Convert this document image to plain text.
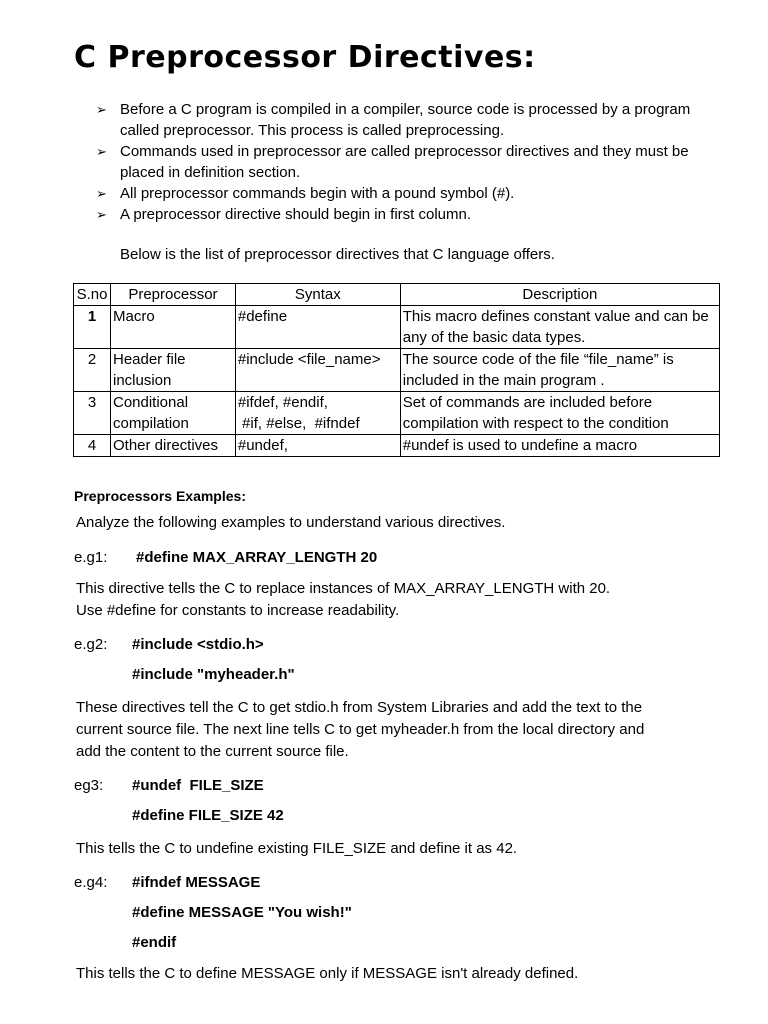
C Preprocessor Directives:
➢ Before a C program is compiled in a compiler, source code is processed by a program called preprocessor. This process is called preprocessing.
➢ Commands used in preprocessor are called preprocessor directives and they must be placed in definition section.
➢ All preprocessor commands begin with a pound symbol (#).
➢ A preprocessor directive should begin in first column.

Below is the list of preprocessor directives that C language offers.

S.no	Preprocessor	Syntax	Description
1	Macro	#define	This macro defines constant value and can be any of the basic data types.
2	Header file inclusion	#include <file_name>	The source code of the file “file_name” is included in the main program .
3	Conditional compilation	#ifdef, #endif,
#if, #else,  #ifndef	Set of commands are included before compilation with respect to the condition
4	Other directives	#undef,	#undef is used to undefine a macro

Preprocessors Examples:

Analyze the following examples to understand various directives.

e.g1: #define MAX_ARRAY_LENGTH 20

This directive tells the C to replace instances of MAX_ARRAY_LENGTH with 20.

Use #define for constants to increase readability.

e.g2: #include <stdio.h>

#include "myheader.h"

These directives tell the C to get stdio.h from System Libraries and add the text to the

current source file. The next line tells C to get myheader.h from the local directory and

add the content to the current source file.

eg3: #undef  FILE_SIZE

#define FILE_SIZE 42

This tells the C to undefine existing FILE_SIZE and define it as 42.

e.g4: #ifndef MESSAGE

#define MESSAGE "You wish!"

#endif

This tells the C to define MESSAGE only if MESSAGE isn't already defined.
